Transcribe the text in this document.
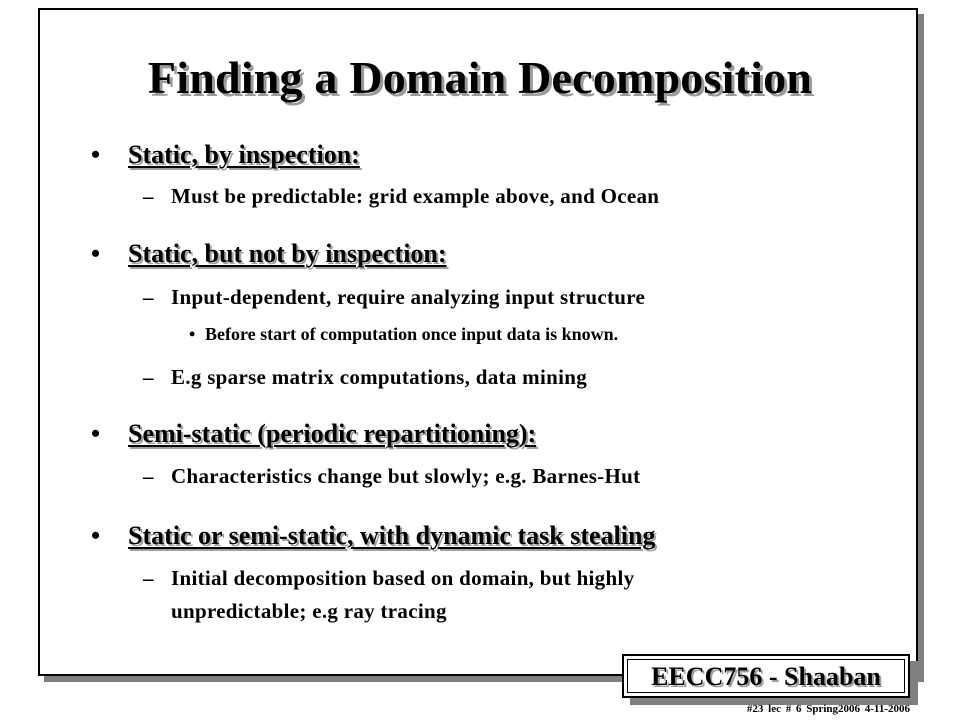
Finding a Domain Decomposition
• Static, by inspection:
– Must be predictable: grid example above, and Ocean
• Static, but not by inspection:
– Input-dependent, require analyzing input structure
• Before start of computation once input data is known.
– E.g sparse matrix computations, data mining
• Semi-static (periodic repartitioning):
– Characteristics change but slowly; e.g. Barnes-Hut
• Static or semi-static, with dynamic task stealing
– Initial decomposition based on domain, but highly
unpredictable; e.g ray tracing
EECC756 - Shaaban
#23 lec # 6 Spring2006 4-11-2006
